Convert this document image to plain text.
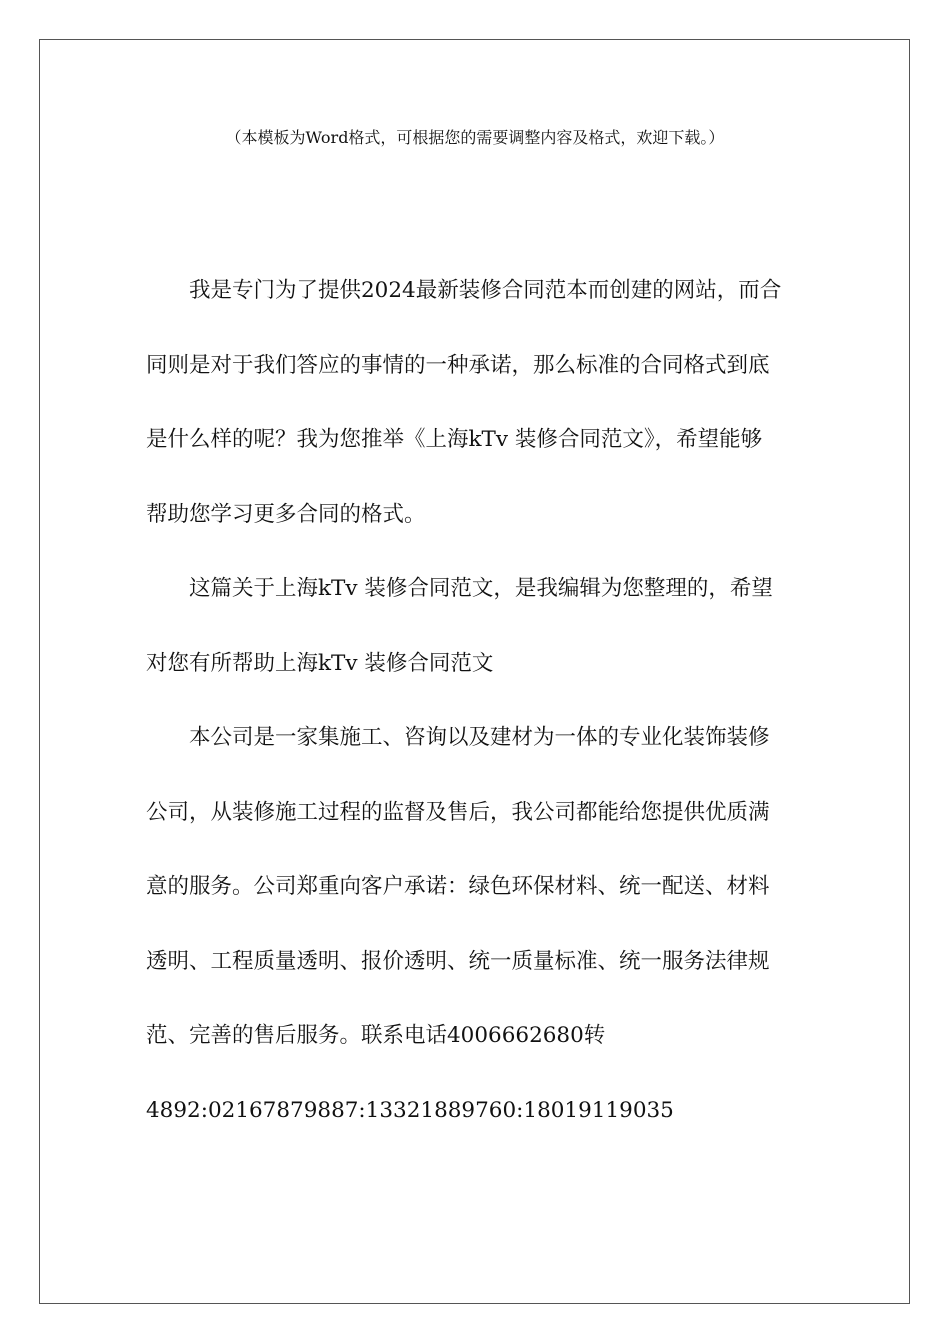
（本模板为Word格式，可根据您的需要调整内容及格式，欢迎下载。）
我是专门为了提供2024最新装修合同范本而创建的网站，而合
同则是对于我们答应的事情的一种承诺，那么标准的合同格式到底
是什么样的呢？我为您推举《上海kTv 装修合同范文》，希望能够
帮助您学习更多合同的格式。
这篇关于上海kTv 装修合同范文，是我编辑为您整理的，希望
对您有所帮助上海kTv 装修合同范文
本公司是一家集施工、咨询以及建材为一体的专业化装饰装修
公司，从装修施工过程的监督及售后，我公司都能给您提供优质满
意的服务。公司郑重向客户承诺：绿色环保材料、统一配送、材料
透明、工程质量透明、报价透明、统一质量标准、统一服务法律规
范、完善的售后服务。联系电话4006662680转
4892:02167879887:13321889760:18019119035
